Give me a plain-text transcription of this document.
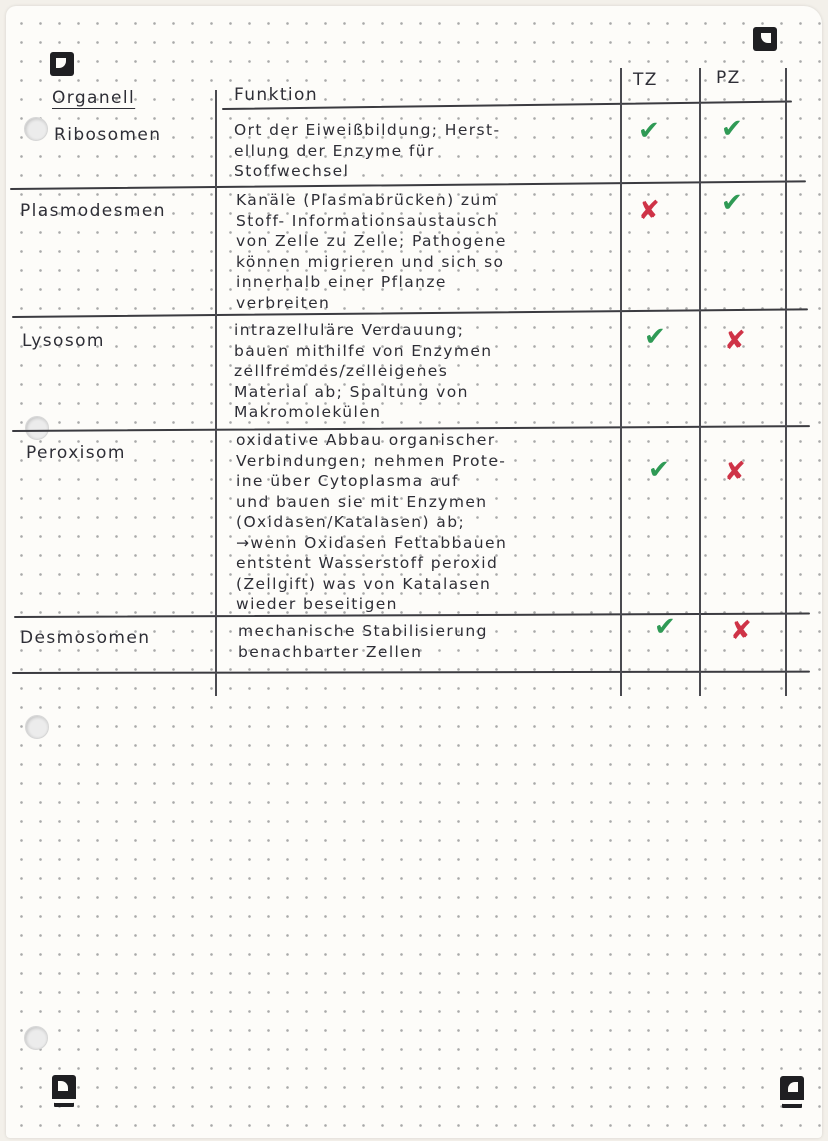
Organell	Funktion
TZ	PZ
Ribosomen	Ort der Eiweißbildung; Herst-
ellung der Enzyme für
Stoffwechsel
✔ ✔
Plasmodesmen
Kanäle (Plasmabrücken) zum
Stoff- Informationsaustausch
von Zelle zu Zelle; Pathogene
können migrieren und sich so
innerhalb einer Pflanze
verbreiten
✘ ✔
Lysosom
intrazelluläre Verdauung;
bauen mithilfe von Enzymen
zellfremdes/zelleigenes
Material ab; Spaltung von
Makromolekülen
✔ ✘
Peroxisom
oxidative Abbau organischer
Verbindungen; nehmen Prote-
ine über Cytoplasma auf
und bauen sie mit Enzymen
(Oxidasen/Katalasen) ab;
→wenn Oxidasen Fettabbauen
entstent Wasserstoff peroxid
(Zellgift) was von Katalasen
wieder beseitigen
✔ ✘
Desmosomen	mechanische Stabilisierung
benachbarter Zellen
✔ ✘
